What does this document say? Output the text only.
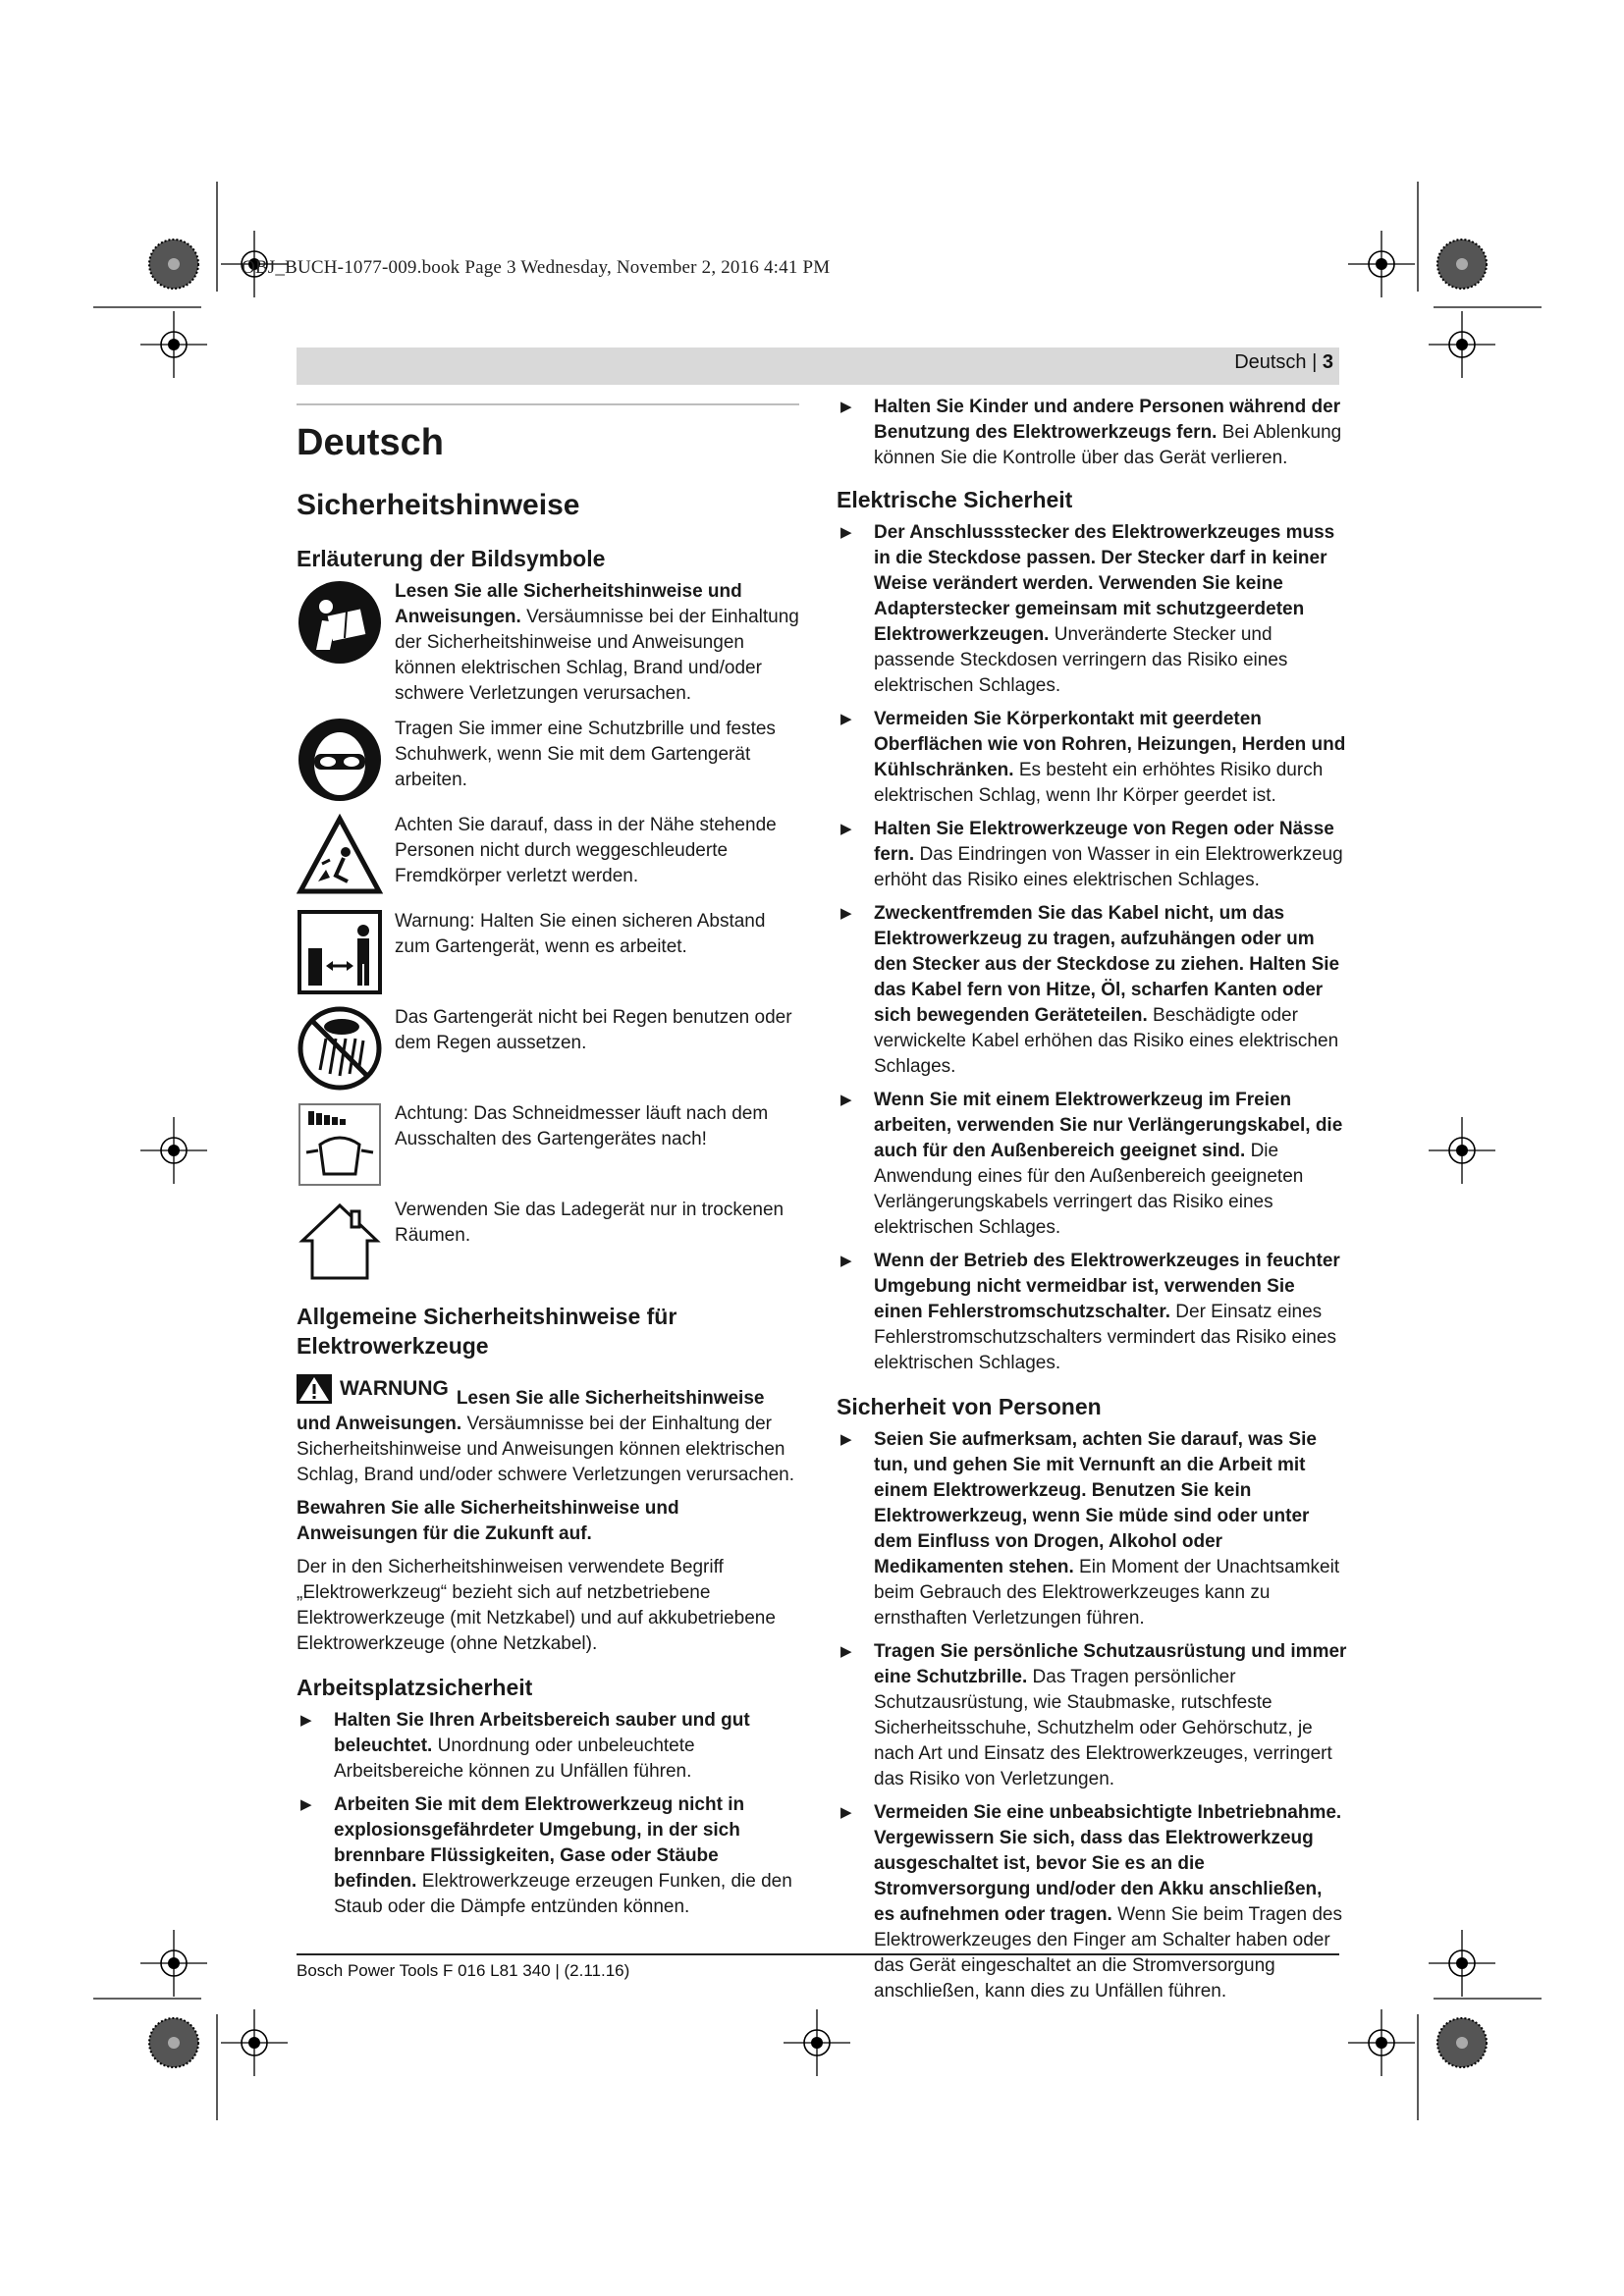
OBJ_BUCH-1077-009.book Page 3 Wednesday, November 2, 2016 4:41 PM
Deutsch | 3
Deutsch
Sicherheitshinweise
Erläuterung der Bildsymbole
Lesen Sie alle Sicherheitshinweise und Anweisungen. Versäumnisse bei der Einhaltung der Sicherheitshinweise und Anweisungen können elektrischen Schlag, Brand und/oder schwere Verletzungen verursachen.
Tragen Sie immer eine Schutzbrille und festes Schuhwerk, wenn Sie mit dem Gartengerät arbeiten.
Achten Sie darauf, dass in der Nähe stehende Personen nicht durch weggeschleuderte Fremdkörper verletzt werden.
Warnung: Halten Sie einen sicheren Abstand zum Gartengerät, wenn es arbeitet.
Das Gartengerät nicht bei Regen benutzen oder dem Regen aussetzen.
Achtung: Das Schneidmesser läuft nach dem Ausschalten des Gartengerätes nach!
Verwenden Sie das Ladegerät nur in trockenen Räumen.
Allgemeine Sicherheitshinweise für Elektrowerkzeuge

WARNUNG Lesen Sie alle Sicherheitshinweise und Anweisungen. Versäumnisse bei der Einhaltung der Sicherheitshinweise und Anweisungen können elektrischen Schlag, Brand und/oder schwere Verletzungen verursachen.

Bewahren Sie alle Sicherheitshinweise und Anweisungen für die Zukunft auf.

Der in den Sicherheitshinweisen verwendete Begriff „Elektrowerkzeug“ bezieht sich auf netzbetriebene Elektrowerkzeuge (mit Netzkabel) und auf akkubetriebene Elektrowerkzeuge (ohne Netzkabel).

Arbeitsplatzsicherheit
▶	Halten Sie Ihren Arbeitsbereich sauber und gut beleuchtet. Unordnung oder unbeleuchtete Arbeitsbereiche können zu Unfällen führen.
▶	Arbeiten Sie mit dem Elektrowerkzeug nicht in explosionsgefährdeter Umgebung, in der sich brennbare Flüssigkeiten, Gase oder Stäube befinden. Elektrowerkzeuge erzeugen Funken, die den Staub oder die Dämpfe entzünden können.
▶	Halten Sie Kinder und andere Personen während der Benutzung des Elektrowerkzeugs fern. Bei Ablenkung können Sie die Kontrolle über das Gerät verlieren.
Elektrische Sicherheit
▶	Der Anschlussstecker des Elektrowerkzeuges muss in die Steckdose passen. Der Stecker darf in keiner Weise verändert werden. Verwenden Sie keine Adapterstecker gemeinsam mit schutzgeerdeten Elektrowerkzeugen. Unveränderte Stecker und passende Steckdosen verringern das Risiko eines elektrischen Schlages.
▶	Vermeiden Sie Körperkontakt mit geerdeten Oberflächen wie von Rohren, Heizungen, Herden und Kühlschränken. Es besteht ein erhöhtes Risiko durch elektrischen Schlag, wenn Ihr Körper geerdet ist.
▶	Halten Sie Elektrowerkzeuge von Regen oder Nässe fern. Das Eindringen von Wasser in ein Elektrowerkzeug erhöht das Risiko eines elektrischen Schlages.
▶	Zweckentfremden Sie das Kabel nicht, um das Elektrowerkzeug zu tragen, aufzuhängen oder um den Stecker aus der Steckdose zu ziehen. Halten Sie das Kabel fern von Hitze, Öl, scharfen Kanten oder sich bewegenden Geräteteilen. Beschädigte oder verwickelte Kabel erhöhen das Risiko eines elektrischen Schlages.
▶	Wenn Sie mit einem Elektrowerkzeug im Freien arbeiten, verwenden Sie nur Verlängerungskabel, die auch für den Außenbereich geeignet sind. Die Anwendung eines für den Außenbereich geeigneten Verlängerungskabels verringert das Risiko eines elektrischen Schlages.
▶	Wenn der Betrieb des Elektrowerkzeuges in feuchter Umgebung nicht vermeidbar ist, verwenden Sie einen Fehlerstromschutzschalter. Der Einsatz eines Fehlerstromschutzschalters vermindert das Risiko eines elektrischen Schlages.
Sicherheit von Personen
▶	Seien Sie aufmerksam, achten Sie darauf, was Sie tun, und gehen Sie mit Vernunft an die Arbeit mit einem Elektrowerkzeug. Benutzen Sie kein Elektrowerkzeug, wenn Sie müde sind oder unter dem Einfluss von Drogen, Alkohol oder Medikamenten stehen. Ein Moment der Unachtsamkeit beim Gebrauch des Elektrowerkzeuges kann zu ernsthaften Verletzungen führen.
▶	Tragen Sie persönliche Schutzausrüstung und immer eine Schutzbrille. Das Tragen persönlicher Schutzausrüstung, wie Staubmaske, rutschfeste Sicherheitsschuhe, Schutzhelm oder Gehörschutz, je nach Art und Einsatz des Elektrowerkzeuges, verringert das Risiko von Verletzungen.
▶	Vermeiden Sie eine unbeabsichtigte Inbetriebnahme. Vergewissern Sie sich, dass das Elektrowerkzeug ausgeschaltet ist, bevor Sie es an die Stromversorgung und/oder den Akku anschließen, es aufnehmen oder tragen. Wenn Sie beim Tragen des Elektrowerkzeuges den Finger am Schalter haben oder das Gerät eingeschaltet an die Stromversorgung anschließen, kann dies zu Unfällen führen.
Bosch Power Tools F 016 L81 340 | (2.11.16)
